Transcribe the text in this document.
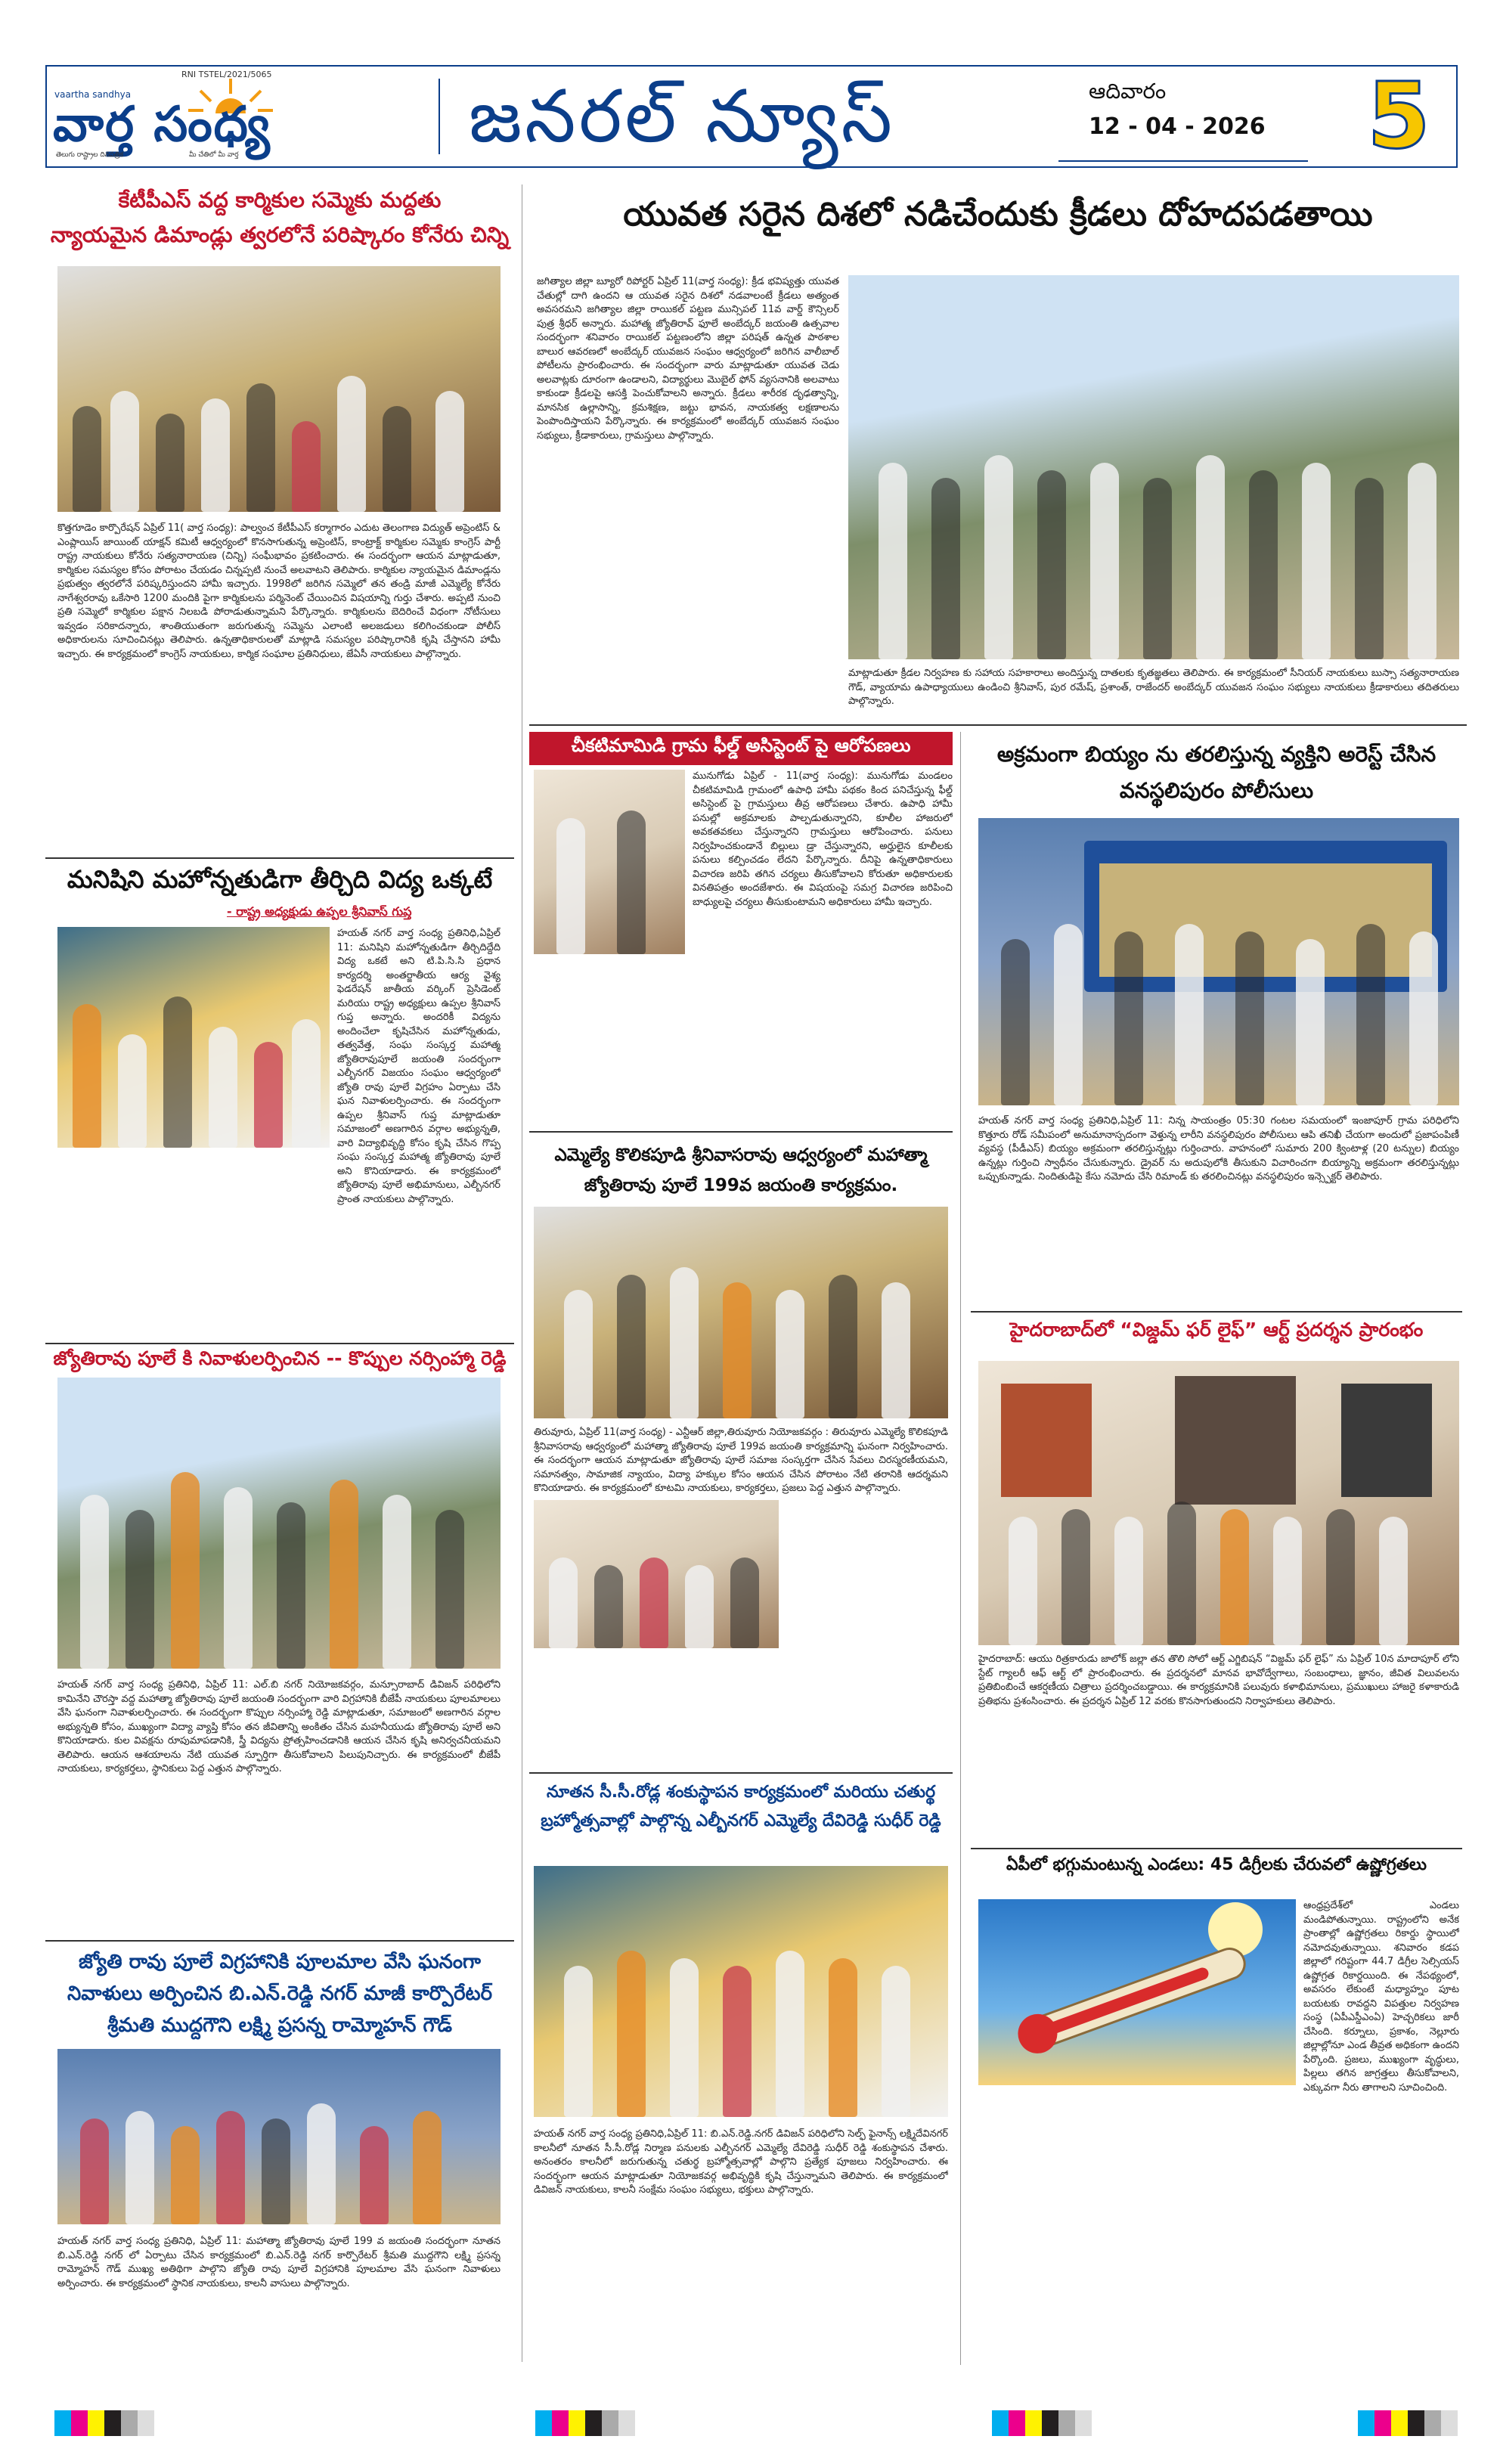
RNI TSTEL/2021/5065
vaartha sandhya
వార్త సంధ్య
తెలుగు రాష్ట్రాల దినపత్రిక	మీ చేతిలో మీ వార్త	జనరల్ న్యూస్	ఆదివారం
12 - 04 - 2026 5
కేటీపీఎస్ వద్ద కార్మికుల సమ్మెకు మద్దతు
న్యాయమైన డిమాండ్లు త్వరలోనే పరిష్కారం కోనేరు చిన్ని
కొత్తగూడెం కార్పొరేషన్ ఏప్రిల్ 11( వార్త సంధ్య): పాల్వంచ కేటీపీఎస్ కర్మాగారం ఎదుట తెలంగాణ విద్యుత్ అప్రెంటిస్ & ఎంప్లాయిస్ జాయింట్ యాక్షన్ కమిటీ ఆధ్వర్యంలో కొనసాగుతున్న అప్రెంటిస్, కాంట్రాక్ట్ కార్మికుల సమ్మెకు కాంగ్రెస్ పార్టీ రాష్ట్ర నాయకులు కోనేరు సత్యనారాయణ (చిన్ని) సంఘీభావం ప్రకటించారు. ఈ సందర్భంగా ఆయన మాట్లాడుతూ, కార్మికుల సమస్యల కోసం పోరాటం చేయడం చిన్నప్పటి నుంచే అలవాటని తెలిపారు. కార్మికుల న్యాయమైన డిమాండ్లను ప్రభుత్వం త్వరలోనే పరిష్కరిస్తుందని హామీ ఇచ్చారు. 1998లో జరిగిన సమ్మెలో తన తండ్రి మాజీ ఎమ్మెల్యే కోనేరు నాగేశ్వరరావు ఒకేసారి 1200 మందికి పైగా కార్మికులను పర్మినెంట్ చేయించిన విషయాన్ని గుర్తు చేశారు. అప్పటి నుంచి ప్రతి సమ్మెలో కార్మికుల పక్షాన నిలబడి పోరాడుతున్నామని పేర్కొన్నారు. కార్మికులను బెదిరించే విధంగా నోటీసులు ఇవ్వడం సరికాదన్నారు, శాంతియుతంగా జరుగుతున్న సమ్మెను ఎలాంటి అలజడులు కలిగించకుండా పోలీస్ అధికారులను సూచించినట్లు తెలిపారు. ఉన్నతాధికారులతో మాట్లాడి సమస్యల పరిష్కారానికి కృషి చేస్తానని హామీ ఇచ్చారు. ఈ కార్యక్రమంలో కాంగ్రెస్ నాయకులు, కార్మిక సంఘాల ప్రతినిధులు, జేఏసీ నాయకులు పాల్గొన్నారు.
మనిషిని మహోన్నతుడిగా తీర్చిది విద్య ఒక్కటే
- రాష్ట్ర అధ్యక్షుడు ఉప్పల శ్రీనివాస్ గుప్త
హయత్ నగర్ వార్త సంధ్య ప్రతినిధి,ఏప్రిల్ 11: మనిషిని మహోన్నతుడిగా తీర్చిదిద్దేది విద్య ఒకటే అని టి.పి.సి.సి ప్రధాన కార్యదర్శి అంతర్జాతీయ ఆర్య వైశ్య ఫెడరేషన్ జాతీయ వర్కింగ్ ప్రెసిడెంట్ మరియు రాష్ట్ర అధ్యక్షులు ఉప్పల శ్రీనివాస్ గుప్త అన్నారు. అందరికీ విద్యను అందించేలా కృషిచేసిన మహోన్నతుడు, తత్వవేత్త, సంఘ సంస్కర్త మహాత్మ జ్యోతిరావుపూలే జయంతి సందర్భంగా ఎల్బీనగర్ విజయం సంఘం ఆధ్వర్యంలో జ్యోతి రావు పూలే విగ్రహం ఏర్పాటు చేసి ఘన నివాళులర్పించారు. ఈ సందర్భంగా ఉప్పల శ్రీనివాస్ గుప్త మాట్లాడుతూ సమాజంలో అణగారిన వర్గాల అభ్యున్నతి, వారి విద్యాభివృద్ధి కోసం కృషి చేసిన గొప్ప సంఘ సంస్కర్త మహాత్మ జ్యోతిరావు పూలే అని కొనియాడారు. ఈ కార్యక్రమంలో జ్యోతిరావు పూలే అభిమానులు, ఎల్బీనగర్ ప్రాంత నాయకులు పాల్గొన్నారు.
జ్యోతిరావు పూలే కి నివాళులర్పించిన -- కొప్పుల నర్సింహ్మా రెడ్డి
హయత్ నగర్ వార్త సంధ్య ప్రతినిధి, ఏప్రిల్ 11: ఎల్.బి నగర్ నియోజకవర్గం, మన్సూరాబాద్ డివిజన్ పరిధిలోని కామినేని చౌరస్తా వద్ద మహాత్మా జ్యోతిరావు పూలే జయంతి సందర్భంగా వారి విగ్రహానికి బీజేపీ నాయకులు పూలమాలలు వేసి ఘనంగా నివాళులర్పించారు. ఈ సందర్భంగా కొప్పుల నర్సింహ్మా రెడ్డి మాట్లాడుతూ, సమాజంలో అణగారిన వర్గాల అభ్యున్నతి కోసం, ముఖ్యంగా విద్యా వ్యాప్తి కోసం తన జీవితాన్ని అంకితం చేసిన మహనీయుడు జ్యోతిరావు పూలే అని కొనియాడారు. కుల వివక్షను రూపుమాపడానికి, స్త్రీ విద్యను ప్రోత్సహించడానికి ఆయన చేసిన కృషి అనిర్వచనీయమని తెలిపారు. ఆయన ఆశయాలను నేటి యువత స్ఫూర్తిగా తీసుకోవాలని పిలుపునిచ్చారు. ఈ కార్యక్రమంలో బీజేపీ నాయకులు, కార్యకర్తలు, స్థానికులు పెద్ద ఎత్తున పాల్గొన్నారు.
జ్యోతి రావు పూలే విగ్రహానికి పూలమాల వేసి ఘనంగా నివాళులు అర్పించిన బి.ఎన్.రెడ్డి నగర్ మాజీ కార్పొరేటర్ శ్రీమతి ముద్దగౌని లక్ష్మి ప్రసన్న రామ్మోహన్ గౌడ్
హయత్ నగర్ వార్త సంధ్య ప్రతినిధి, ఏప్రిల్ 11: మహాత్మా జ్యోతిరావు పూలే 199 వ జయంతి సందర్భంగా నూతన బి.ఎన్.రెడ్డి నగర్ లో ఏర్పాటు చేసిన కార్యక్రమంలో బి.ఎన్.రెడ్డి నగర్ కార్పొరేటర్ శ్రీమతి ముద్దగౌని లక్ష్మి ప్రసన్న రామ్మోహన్ గౌడ్ ముఖ్య అతిథిగా పాల్గొని జ్యోతి రావు పూలే విగ్రహానికి పూలమాల వేసి ఘనంగా నివాళులు అర్పించారు. ఈ కార్యక్రమంలో స్థానిక నాయకులు, కాలనీ వాసులు పాల్గొన్నారు.
యువత సరైన దిశలో నడిచేందుకు క్రీడలు దోహదపడతాయి
జగిత్యాల జిల్లా బ్యూరో రిపోర్టర్ ఏప్రిల్ 11(వార్త సంధ్య): క్రీడ భవిష్యత్తు యువత చేతుల్లో దాగి ఉందని ఆ యువత సరైన దిశలో నడవాలంటే క్రీడలు అత్యంత అవసరమని జగిత్యాల జిల్లా రాయికల్ పట్టణ మున్సిపల్ 11వ వార్డ్ కౌన్సిలర్ పుత్ర శ్రీధర్ అన్నారు. మహాత్మ జ్యోతిరావ్ ఫూలే అంబేద్కర్ జయంతి ఉత్సవాల సందర్భంగా శనివారం రాయికల్ పట్టణంలోని జిల్లా పరిషత్ ఉన్నత పాఠశాల బాలుర ఆవరణలో అంబేద్కర్ యువజన సంఘం ఆధ్వర్యంలో జరిగిన వాలీబాల్ పోటీలను ప్రారంభించారు. ఈ సందర్భంగా వారు మాట్లాడుతూ యువత చెడు అలవాట్లకు దూరంగా ఉండాలని, విద్యార్థులు మొబైల్ ఫోన్ వ్యసనానికి అలవాటు కాకుండా క్రీడలపై ఆసక్తి పెంచుకోవాలని అన్నారు. క్రీడలు శారీరక దృఢత్వాన్ని, మానసిక ఉల్లాసాన్ని, క్రమశిక్షణ, జట్టు భావన, నాయకత్వ లక్షణాలను పెంపొందిస్తాయని పేర్కొన్నారు. ఈ కార్యక్రమంలో అంబేద్కర్ యువజన సంఘం సభ్యులు, క్రీడాకారులు, గ్రామస్తులు పాల్గొన్నారు.
మాట్లాడుతూ క్రీడల నిర్వహణ కు సహాయ సహకారాలు అందిస్తున్న దాతలకు కృతజ్ఞతలు తెలిపారు. ఈ కార్యక్రమంలో సీనియర్ నాయకులు బుస్సా సత్యనారాయణ గౌడ్, వ్యాయామ ఉపాధ్యాయులు ఉండించి శ్రీనివాస్, పుర రమేష్, ప్రశాంత్, రాజేందర్ అంబేద్కర్ యువజన సంఘం సభ్యులు నాయకులు క్రీడాకారులు తదితరులు పాల్గొన్నారు.
చీకటిమామిడి గ్రామ ఫీల్డ్ అసిస్టెంట్ పై ఆరోపణలు
మునుగోడు ఏప్రిల్ - 11(వార్త సంధ్య): మునుగోడు మండలం చీకటిమామిడి గ్రామంలో ఉపాధి హామీ పథకం కింద పనిచేస్తున్న ఫీల్డ్ అసిస్టెంట్ పై గ్రామస్తులు తీవ్ర ఆరోపణలు చేశారు. ఉపాధి హామీ పనుల్లో అక్రమాలకు పాల్పడుతున్నారని, కూలీల హాజరులో అవకతవకలు చేస్తున్నారని గ్రామస్తులు ఆరోపించారు. పనులు నిర్వహించకుండానే బిల్లులు డ్రా చేస్తున్నారని, అర్హులైన కూలీలకు పనులు కల్పించడం లేదని పేర్కొన్నారు. దీనిపై ఉన్నతాధికారులు విచారణ జరిపి తగిన చర్యలు తీసుకోవాలని కోరుతూ అధికారులకు వినతిపత్రం అందజేశారు. ఈ విషయంపై సమగ్ర విచారణ జరిపించి బాధ్యులపై చర్యలు తీసుకుంటామని అధికారులు హామీ ఇచ్చారు.
ఎమ్మెల్యే కొలికపూడి శ్రీనివాసరావు ఆధ్వర్యంలో మహాత్మా జ్యోతిరావు పూలే 199వ జయంతి కార్యక్రమం.
తిరువూరు, ఏప్రిల్ 11(వార్త సంధ్య) - ఎన్టీఆర్ జిల్లా,తిరువూరు నియోజకవర్గం : తిరువూరు ఎమ్మెల్యే కొలికపూడి శ్రీనివాసరావు ఆధ్వర్యంలో మహాత్మా జ్యోతిరావు పూలే 199వ జయంతి కార్యక్రమాన్ని ఘనంగా నిర్వహించారు. ఈ సందర్భంగా ఆయన మాట్లాడుతూ జ్యోతిరావు పూలే సమాజ సంస్కర్తగా చేసిన సేవలు చిరస్మరణీయమని, సమానత్వం, సామాజిక న్యాయం, విద్యా హక్కుల కోసం ఆయన చేసిన పోరాటం నేటి తరానికి ఆదర్శమని కొనియాడారు. ఈ కార్యక్రమంలో కూటమి నాయకులు, కార్యకర్తలు, ప్రజలు పెద్ద ఎత్తున పాల్గొన్నారు.
నూతన సీ.సీ.రోడ్ల శంకుస్థాపన కార్యక్రమంలో మరియు చతుర్థ బ్రహ్మోత్సవాల్లో పాల్గొన్న ఎల్బీనగర్ ఎమ్మెల్యే దేవిరెడ్డి సుధీర్ రెడ్డి
హయత్ నగర్ వార్త సంధ్య ప్రతినిధి,ఏప్రిల్ 11: బి.ఎన్.రెడ్డి.నగర్ డివిజన్ పరిధిలోని సెల్ఫ్ ఫైనాన్స్ లక్ష్మిదేవినగర్ కాలనీలో నూతన సీ.సీ.రోడ్ల నిర్మాణ పనులకు ఎల్బీనగర్ ఎమ్మెల్యే దేవిరెడ్డి సుధీర్ రెడ్డి శంకుస్థాపన చేశారు. అనంతరం కాలనీలో జరుగుతున్న చతుర్థ బ్రహ్మోత్సవాల్లో పాల్గొని ప్రత్యేక పూజలు నిర్వహించారు. ఈ సందర్భంగా ఆయన మాట్లాడుతూ నియోజకవర్గ అభివృద్ధికి కృషి చేస్తున్నామని తెలిపారు. ఈ కార్యక్రమంలో డివిజన్ నాయకులు, కాలనీ సంక్షేమ సంఘం సభ్యులు, భక్తులు పాల్గొన్నారు.
అక్రమంగా బియ్యం ను తరలిస్తున్న వ్యక్తిని అరెస్ట్ చేసిన వనస్థలిపురం పోలీసులు
హయత్ నగర్ వార్త సంధ్య ప్రతినిధి,ఏప్రిల్ 11: నిన్న సాయంత్రం 05:30 గంటల సమయంలో ఇంజాపూర్ గ్రామ పరిధిలోని కొత్తూరు రోడ్ సమీపంలో అనుమానాస్పదంగా వెళ్తున్న లారీని వనస్థలిపురం పోలీసులు ఆపి తనిఖీ చేయగా అందులో ప్రజాపంపిణీ వ్యవస్థ (పీడీఎస్) బియ్యం అక్రమంగా తరలిస్తున్నట్లు గుర్తించారు. వాహనంలో సుమారు 200 క్వింటాళ్ల (20 టన్నుల) బియ్యం ఉన్నట్లు గుర్తించి స్వాధీనం చేసుకున్నారు. డ్రైవర్ ను అదుపులోకి తీసుకుని విచారించగా బియ్యాన్ని అక్రమంగా తరలిస్తున్నట్లు ఒప్పుకున్నాడు. నిందితుడిపై కేసు నమోదు చేసి రిమాండ్ కు తరలించినట్లు వనస్థలిపురం ఇన్స్పెక్టర్ తెలిపారు.
హైదరాబాద్‌లో “విజ్డమ్ ఫర్ లైఫ్” ఆర్ట్ ప్రదర్శన ప్రారంభం
హైదరాబాద్: ఆయు రిత్రకారుడు జాలోక్ జల్లా తన తొలి సోలో ఆర్ట్ ఎగ్జిబిషన్ “విజ్డమ్ ఫర్ లైఫ్” ను ఏప్రిల్ 10న మాదాపూర్ లోని స్టేట్ గ్యాలరీ ఆఫ్ ఆర్ట్ లో ప్రారంభించారు. ఈ ప్రదర్శనలో మానవ భావోద్వేగాలు, సంబంధాలు, జ్ఞానం, జీవిత విలువలను ప్రతిబింబించే ఆకర్షణీయ చిత్రాలు ప్రదర్శించబడ్డాయి. ఈ కార్యక్రమానికి పలువురు కళాభిమానులు, ప్రముఖులు హాజరై కళాకారుడి ప్రతిభను ప్రశంసించారు. ఈ ప్రదర్శన ఏప్రిల్ 12 వరకు కొనసాగుతుందని నిర్వాహకులు తెలిపారు.
ఏపీలో భగ్గుమంటున్న ఎండలు: 45 డిగ్రీలకు చేరువలో ఉష్ణోగ్రతలు
ఆంధ్రప్రదేశ్‌లో ఎండలు మండిపోతున్నాయి. రాష్ట్రంలోని అనేక ప్రాంతాల్లో ఉష్ణోగ్రతలు రికార్డు స్థాయిలో నమోదవుతున్నాయి. శనివారం కడప జిల్లాలో గరిష్టంగా 44.7 డిగ్రీల సెల్సియస్ ఉష్ణోగ్రత రికార్డయింది. ఈ నేపథ్యంలో, అవసరం లేకుంటే మధ్యాహ్నం పూట బయటకు రావద్దని విపత్తుల నిర్వహణ సంస్థ (ఏపీఎస్డీఎంఏ) హెచ్చరికలు జారీ చేసింది. కర్నూలు, ప్రకాశం, నెల్లూరు జిల్లాల్లోనూ ఎండ తీవ్రత అధికంగా ఉందని పేర్కొంది. ప్రజలు, ముఖ్యంగా వృద్ధులు, పిల్లలు తగిన జాగ్రత్తలు తీసుకోవాలని, ఎక్కువగా నీరు తాగాలని సూచించింది.
